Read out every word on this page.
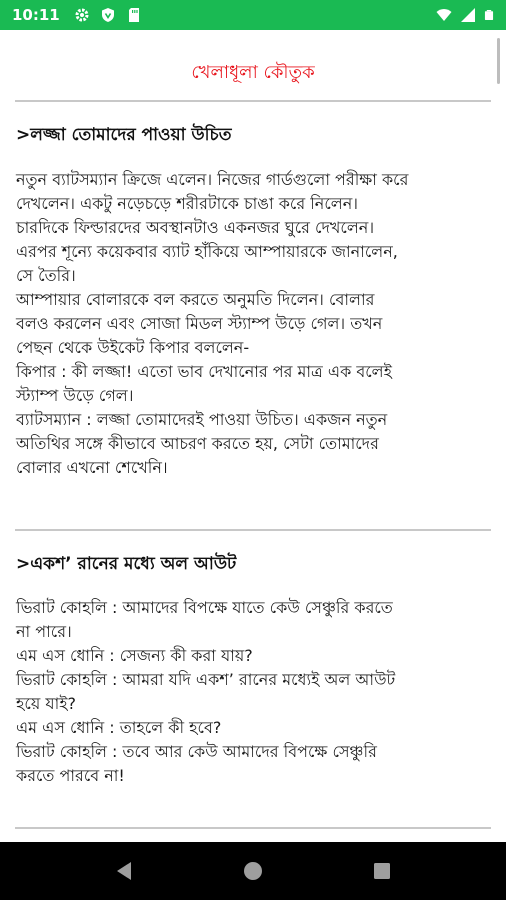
10:11
খেলাধূলা কৌতুক
>লজ্জা তোমাদের পাওয়া উচিত
নতুন ব্যাটসম্যান ক্রিজে এলেন। নিজের গার্ডগুলো পরীক্ষা করে
দেখলেন। একটু নড়েচড়ে শরীরটাকে চাঙা করে নিলেন।
চারদিকে ফিল্ডারদের অবস্থানটাও একনজর ঘুরে দেখলেন।
এরপর শূন্যে কয়েকবার ব্যাট হাঁকিয়ে আম্পায়ারকে জানালেন,
সে তৈরি।
আম্পায়ার বোলারকে বল করতে অনুমতি দিলেন। বোলার
বলও করলেন এবং সোজা মিডল স্ট্যাম্প উড়ে গেল। তখন
পেছন থেকে উইকেট কিপার বললেন-
কিপার : কী লজ্জা! এতো ভাব দেখানোর পর মাত্র এক বলেই
স্ট্যাম্প উড়ে গেল।
ব্যাটসম্যান : লজ্জা তোমাদেরই পাওয়া উচিত। একজন নতুন
অতিথির সঙ্গে কীভাবে আচরণ করতে হয়, সেটা তোমাদের
বোলার এখনো শেখেনি।
>একশ’ রানের মধ্যে অল আউট
ভিরাট কোহলি : আমাদের বিপক্ষে যাতে কেউ সেঞ্চুরি করতে
না পারে।
এম এস ধোনি : সেজন্য কী করা যায়?
ভিরাট কোহলি : আমরা যদি একশ’ রানের মধ্যেই অল আউট
হয়ে যাই?
এম এস ধোনি : তাহলে কী হবে?
ভিরাট কোহলি : তবে আর কেউ আমাদের বিপক্ষে সেঞ্চুরি
করতে পারবে না!
